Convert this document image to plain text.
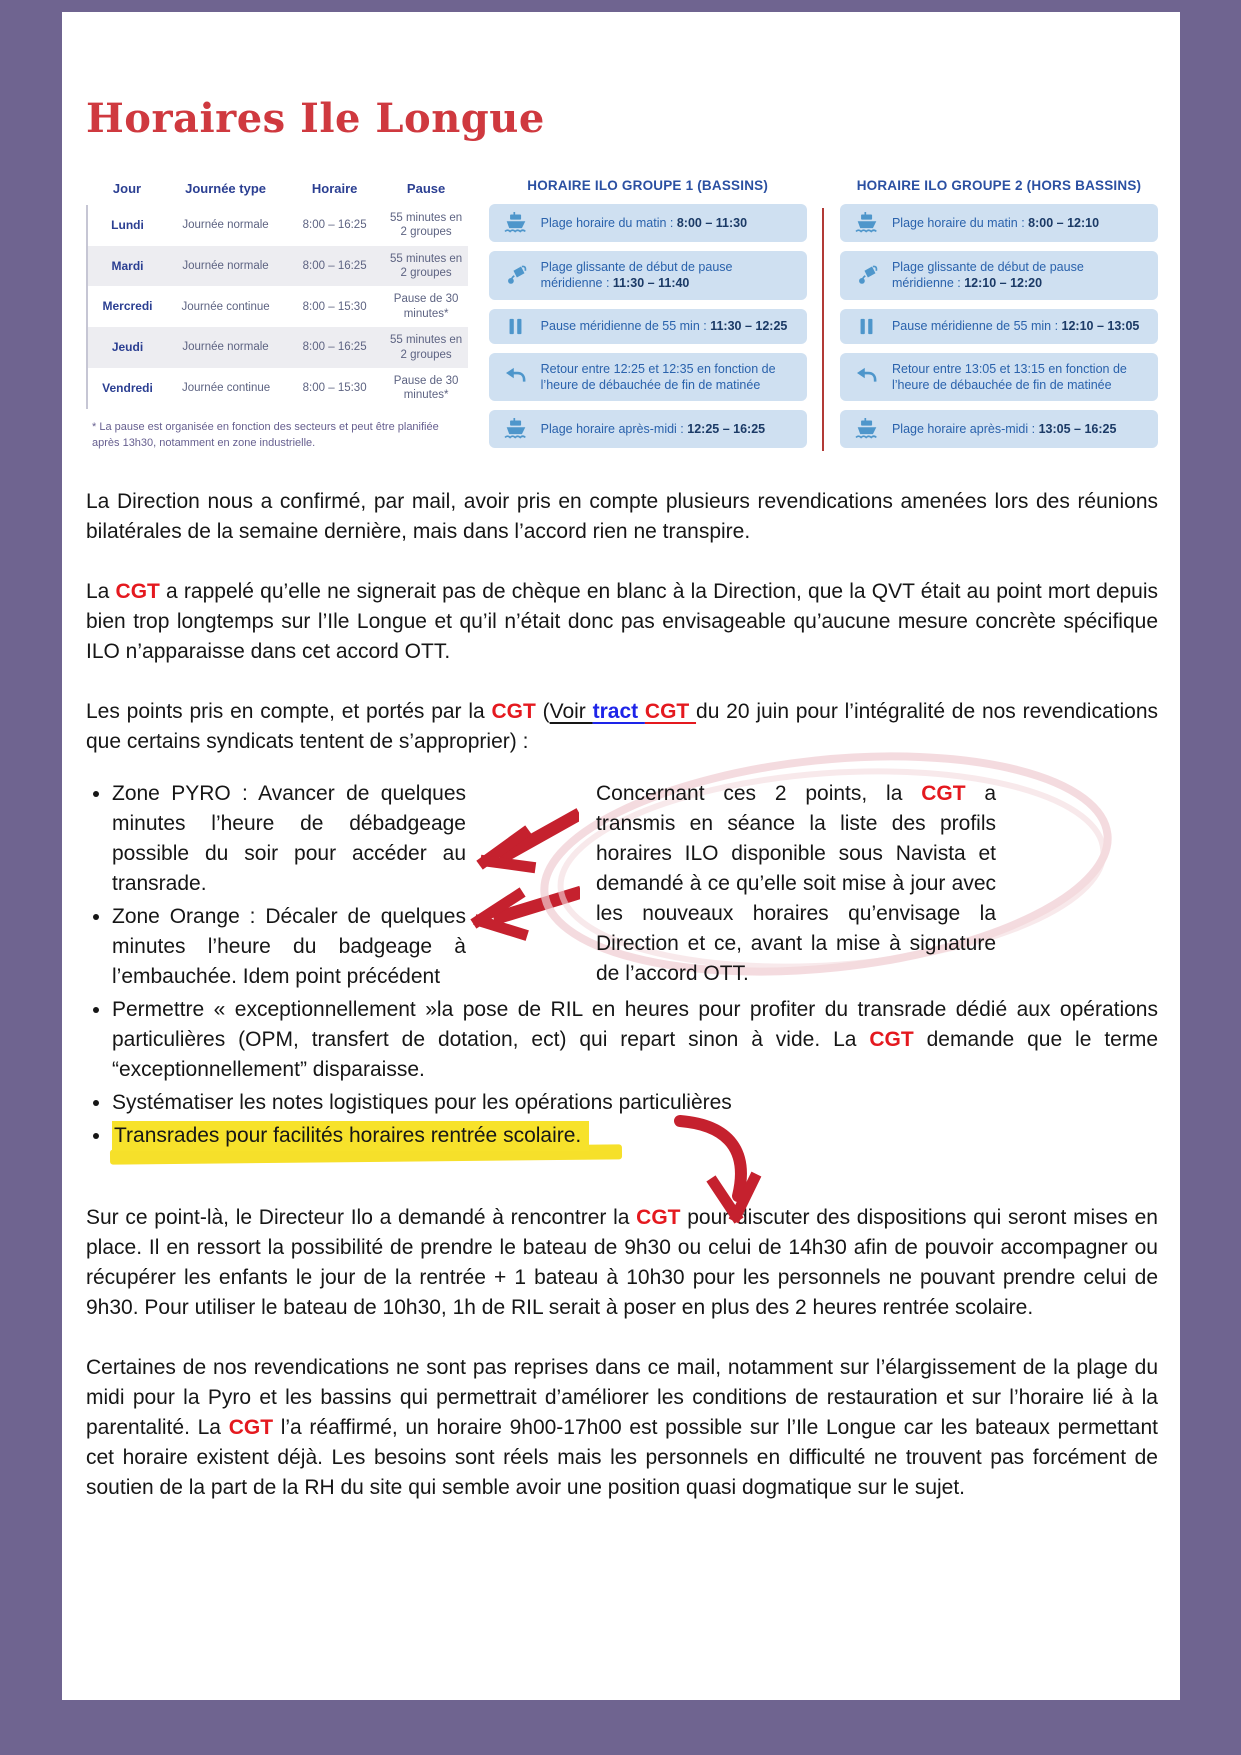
Horaires Ile Longue
Jour	Journée type	Horaire	Pause
Lundi	Journée normale	8:00 – 16:25	55 minutes en 2 groupes
Mardi	Journée normale	8:00 – 16:25	55 minutes en 2 groupes
Mercredi	Journée continue	8:00 – 15:30	Pause de 30 minutes*
Jeudi	Journée normale	8:00 – 16:25	55 minutes en 2 groupes
Vendredi	Journée continue	8:00 – 15:30	Pause de 30 minutes*

* La pause est organisée en fonction des secteurs et peut être planifiée après 13h30, notamment en zone industrielle.

HORAIRE ILO GROUPE 1 (BASSINS)
Plage horaire du matin : 8:00 – 11:30
Plage glissante de début de pause méridienne : 11:30 – 11:40
Pause méridienne de 55 min : 11:30 – 12:25
Retour entre 12:25 et 12:35 en fonction de l’heure de débauchée de fin de matinée
Plage horaire après-midi : 12:25 – 16:25
HORAIRE ILO GROUPE 2 (HORS BASSINS)
Plage horaire du matin : 8:00 – 12:10
Plage glissante de début de pause méridienne : 12:10 – 12:20
Pause méridienne de 55 min : 12:10 – 13:05
Retour entre 13:05 et 13:15 en fonction de l’heure de débauchée de fin de matinée
Plage horaire après-midi : 13:05 – 16:25

La Direction nous a confirmé, par mail, avoir pris en compte plusieurs revendications amenées lors des réunions bilatérales de la semaine dernière, mais dans l’accord rien ne transpire.

La CGT a rappelé qu’elle ne signerait pas de chèque en blanc à la Direction, que la QVT était au point mort depuis bien trop longtemps sur l’Ile Longue et qu’il n’était donc pas envisageable qu’aucune mesure concrète spécifique ILO n’apparaisse dans cet accord OTT.

Les points pris en compte, et portés par la CGT (Voir tract CGT du 20 juin pour l’intégralité de nos revendications que certains syndicats tentent de s’approprier) :

• Zone PYRO : Avancer de quelques minutes l’heure de débadgeage possible du soir pour accéder au transrade.
• Zone Orange : Décaler de quelques minutes l’heure du badgeage à l’embauchée. Idem point précédent

Concernant ces 2 points, la CGT a transmis en séance la liste des profils horaires ILO disponible sous Navista et demandé à ce qu’elle soit mise à jour avec les nouveaux horaires qu’envisage la Direction et ce, avant la mise à signature de l’accord OTT.

• Permettre « exceptionnellement »la pose de RIL en heures pour profiter du transrade dédié aux opérations particulières (OPM, transfert de dotation, ect) qui repart sinon à vide. La CGT demande que le terme “exceptionnellement” disparaisse.
• Systématiser les notes logistiques pour les opérations particulières
• Transrades pour facilités horaires rentrée scolaire.

Sur ce point-là, le Directeur Ilo a demandé à rencontrer la CGT pour discuter des dispositions qui seront mises en place. Il en ressort la possibilité de prendre le bateau de 9h30 ou celui de 14h30 afin de pouvoir accompagner ou récupérer les enfants le jour de la rentrée + 1 bateau à 10h30 pour les personnels ne pouvant prendre celui de 9h30. Pour utiliser le bateau de 10h30, 1h de RIL serait à poser en plus des 2 heures rentrée scolaire.

Certaines de nos revendications ne sont pas reprises dans ce mail, notamment sur l’élargissement de la plage du midi pour la Pyro et les bassins qui permettrait d’améliorer les conditions de restauration et sur l’horaire lié à la parentalité. La CGT l’a réaffirmé, un horaire 9h00-17h00 est possible sur l’Ile Longue car les bateaux permettant cet horaire existent déjà. Les besoins sont réels mais les personnels en difficulté ne trouvent pas forcément de soutien de la part de la RH du site qui semble avoir une position quasi dogmatique sur le sujet.
